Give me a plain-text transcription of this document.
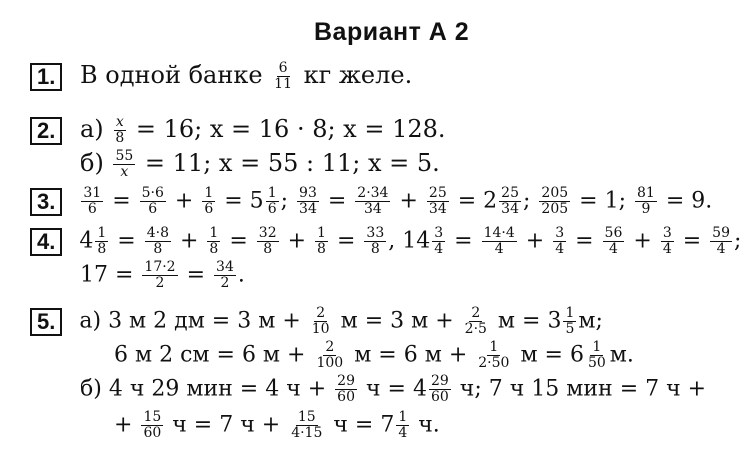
Вариант А 2
1. В одной банке $\frac{6}{11}$ кг желе.
2. $а) \frac{x}{8} = 16$; x = 16 · 8; x = 128.
$б) \frac{55}{x} = 11$; x = 55 : 11; x = 5.
3. $\frac{31}{6} = \frac{5\cdot 6}{6} + \frac{1}{6} = 5 \frac{1}{6}$ ; $\frac{93}{34} = \frac{2\cdot 34}{34} + \frac{25}{34} = 2 \frac{25}{34}$ ; $\frac{205}{205} = 1$; $\frac{81}{9} = 9$.
4. $4 \frac{1}{8} = \frac{4\cdot 8}{8} + \frac{1}{8} = \frac{32}{8} + \frac{1}{8} = \frac{33}{8}$ , $14 \frac{3}{4} = \frac{14\cdot 4}{4} + \frac{3}{4} = \frac{56}{4} + \frac{3}{4} = \frac{59}{4}$ ;
$17 = \frac{17\cdot 2}{2} = \frac{34}{2}$ .
5. а) 3 м 2 дм = 3 $м + \frac{2}{10}$ м = 3 $м + \frac{2}{2\cdot 5}$ $м = 3 \frac{1}{5} м$;
6 м 2 см = 6 $м + \frac{2}{100}$ м = 6 $м + \frac{1}{2\cdot 50}$ $м = 6 \frac{1}{50} м$.
б) 4 ч 29 мин = 4 $ч + \frac{29}{60}$ $ч = 4 \frac{29}{60} ч$; 7 ч 15 мин = 7 ч +
+ $\frac{15}{60}$ ч = 7 $ч + \frac{15}{4\cdot 15}$ $ч = 7 \frac{1}{4} ч$.
